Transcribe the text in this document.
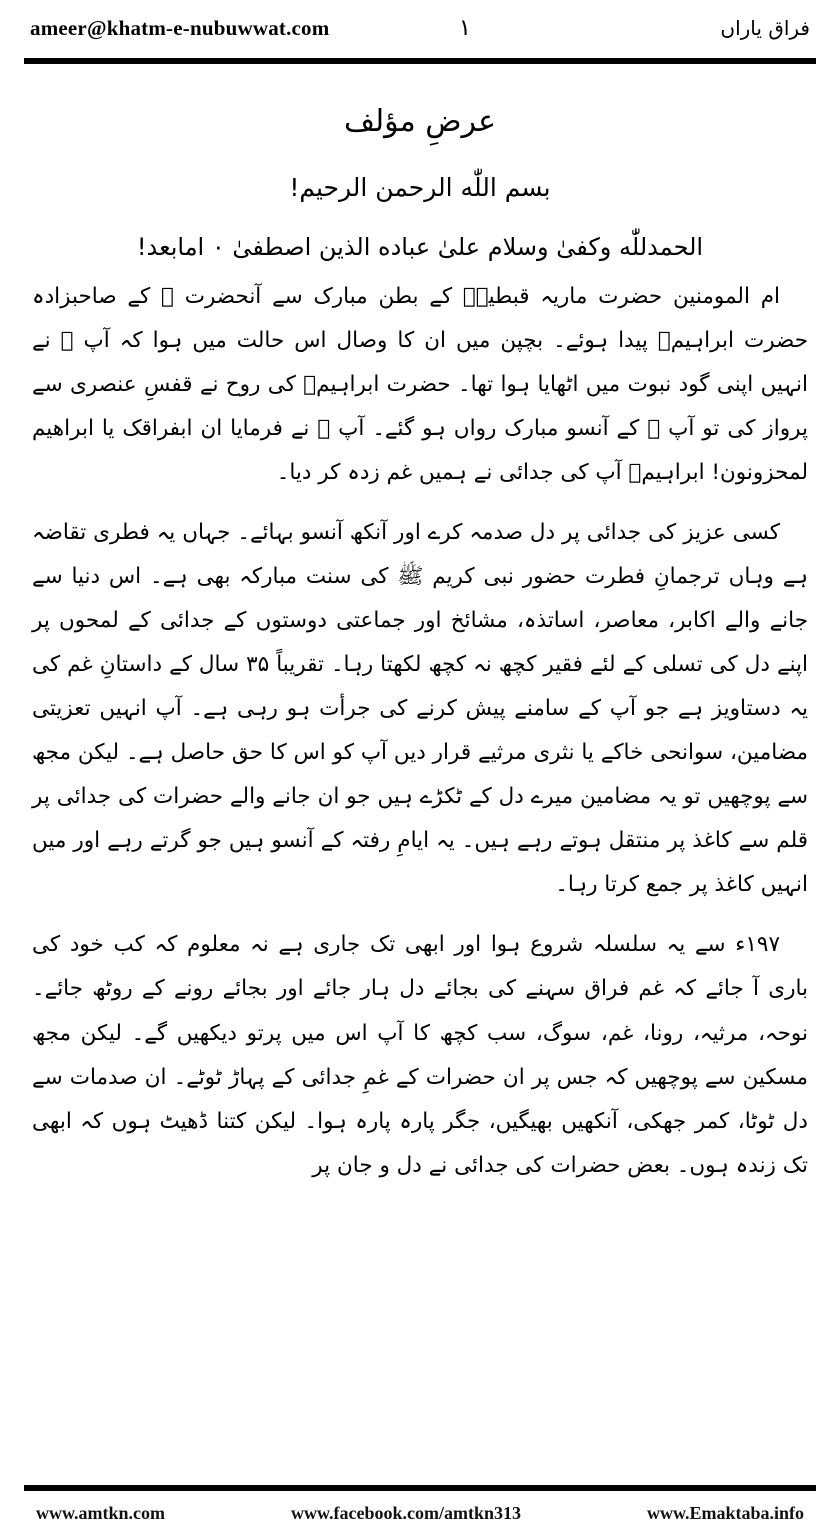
ameer@khatm-e-nubuwwat.com	١	فراق یاراں
عرضِ مؤلف

بسم اللّٰه الرحمن الرحیم!

الحمدللّٰه وکفیٰ وسلام علیٰ عباده الذین اصطفیٰ ٠ امابعد!

ام المومنین حضرت ماریہ قبطیہؓ کے بطن مبارک سے آنحضرت ﷺ کے صاحبزادہ حضرت ابراہیمؓ پیدا ہوئے۔ بچپن میں ان کا وصال اس حالت میں ہوا کہ آپ ﷺ نے انہیں اپنی گود نبوت میں اٹھایا ہوا تھا۔ حضرت ابراہیمؓ کی روح نے قفسِ عنصری سے پرواز کی تو آپ ﷺ کے آنسو مبارک رواں ہو گئے۔ آپ ﷺ نے فرمایا ان ابفراقک یا ابراھیم لمحزونون! ابراہیمؓ آپ کی جدائی نے ہمیں غم زدہ کر دیا۔

کسی عزیز کی جدائی پر دل صدمہ کرے اور آنکھ آنسو بہائے۔ جہاں یہ فطری تقاضہ ہے وہاں ترجمانِ فطرت حضور نبی کریم ﷺ کی سنت مبارکہ بھی ہے۔ اس دنیا سے جانے والے اکابر، معاصر، اساتذہ، مشائخ اور جماعتی دوستوں کے جدائی کے لمحوں پر اپنے دل کی تسلی کے لئے فقیر کچھ نہ کچھ لکھتا رہا۔ تقریباً ۳۵ سال کے داستانِ غم کی یہ دستاویز ہے جو آپ کے سامنے پیش کرنے کی جرأت ہو رہی ہے۔ آپ انہیں تعزیتی مضامین، سوانحی خاکے یا نثری مرثیے قرار دیں آپ کو اس کا حق حاصل ہے۔ لیکن مجھ سے پوچھیں تو یہ مضامین میرے دل کے ٹکڑے ہیں جو ان جانے والے حضرات کی جدائی پر قلم سے کاغذ پر منتقل ہوتے رہے ہیں۔ یہ ایامِ رفتہ کے آنسو ہیں جو گرتے رہے اور میں انہیں کاغذ پر جمع کرتا رہا۔

۱۹۷ء سے یہ سلسلہ شروع ہوا اور ابھی تک جاری ہے نہ معلوم کہ کب خود کی باری آ جائے کہ غم فراق سہنے کی بجائے دل ہار جائے اور بجائے رونے کے روٹھ جائے۔ نوحہ، مرثیہ، رونا، غم، سوگ، سب کچھ کا آپ اس میں پرتو دیکھیں گے۔ لیکن مجھ مسکین سے پوچھیں کہ جس پر ان حضرات کے غمِ جدائی کے پہاڑ ٹوٹے۔ ان صدمات سے دل ٹوٹا، کمر جھکی، آنکھیں بھیگیں، جگر پارہ پارہ ہوا۔ لیکن کتنا ڈھیٹ ہوں کہ ابھی تک زندہ ہوں۔ بعض حضرات کی جدائی نے دل و جان پر

www.amtkn.com	www.facebook.com/amtkn313	www.Emaktaba.info
